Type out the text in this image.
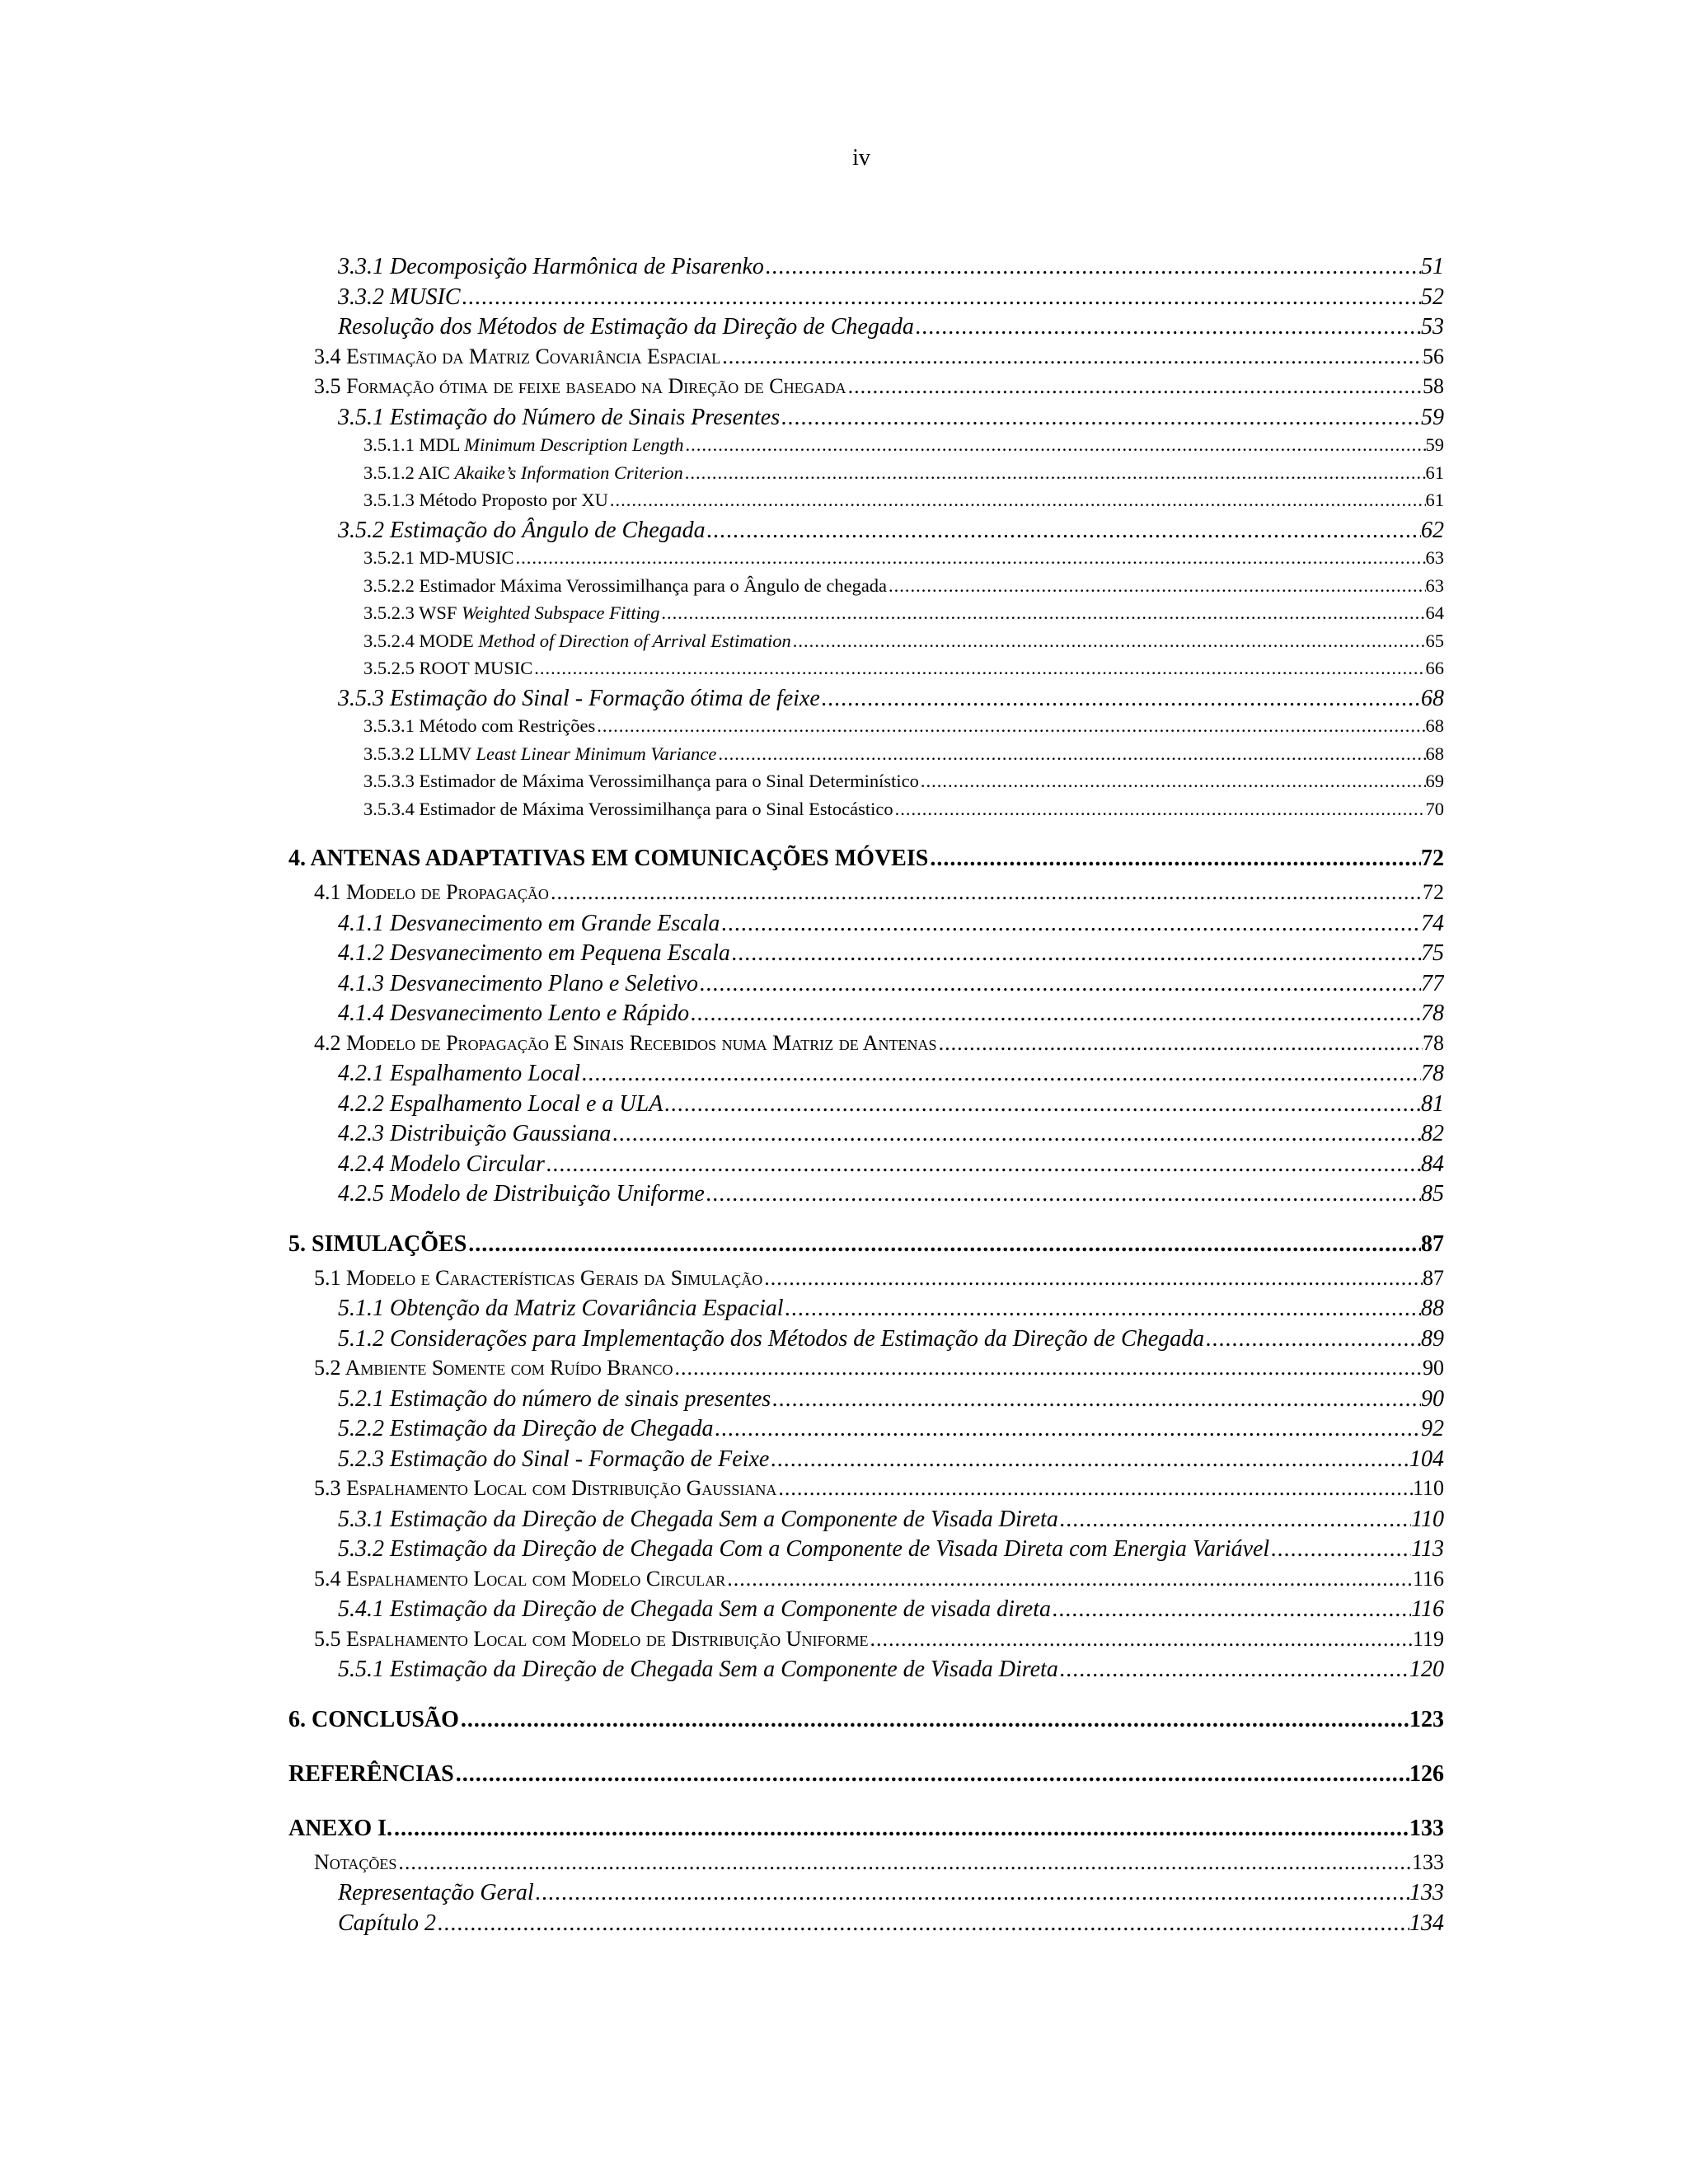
iv
3.3.1 Decomposição Harmônica de Pisarenko .....	51
3.3.2 MUSIC .....	52
Resolução dos Métodos de Estimação da Direção de Chegada .....	53
3.4 Estimação da Matriz Covariância Espacial .....	56
3.5 Formação ótima de feixe baseado na Direção de Chegada .....	58
3.5.1 Estimação do Número de Sinais Presentes .....	59
3.5.1.1 MDL Minimum Description Length .....	59
3.5.1.2 AIC Akaike’s Information Criterion .....	61
3.5.1.3 Método Proposto por XU .....	61
3.5.2 Estimação do Ângulo de Chegada .....	62
3.5.2.1 MD-MUSIC .....	63
3.5.2.2 Estimador Máxima Verossimilhança para o Ângulo de chegada .....	63
3.5.2.3 WSF Weighted Subspace Fitting .....	64
3.5.2.4 MODE Method of Direction of Arrival Estimation .....	65
3.5.2.5 ROOT MUSIC .....	66
3.5.3 Estimação do Sinal - Formação ótima de feixe .....	68
3.5.3.1 Método com Restrições .....	68
3.5.3.2 LLMV Least Linear Minimum Variance .....	68
3.5.3.3 Estimador de Máxima Verossimilhança para o Sinal Determinístico .....	69
3.5.3.4 Estimador de Máxima Verossimilhança para o Sinal Estocástico .....	70
4. ANTENAS ADAPTATIVAS EM COMUNICAÇÕES MÓVEIS .....	72
4.1 Modelo de Propagação .....	72
4.1.1 Desvanecimento em Grande Escala .....	74
4.1.2 Desvanecimento em Pequena Escala .....	75
4.1.3 Desvanecimento Plano e Seletivo .....	77
4.1.4 Desvanecimento Lento e Rápido .....	78
4.2 Modelo de Propagação E Sinais Recebidos numa Matriz de Antenas .....	78
4.2.1 Espalhamento Local .....	78
4.2.2 Espalhamento Local e a ULA .....	81
4.2.3 Distribuição Gaussiana .....	82
4.2.4 Modelo Circular .....	84
4.2.5 Modelo de Distribuição Uniforme .....	85
5. SIMULAÇÕES .....	87
5.1 Modelo e Características Gerais da Simulação .....	87
5.1.1 Obtenção da Matriz Covariância Espacial .....	88
5.1.2 Considerações para Implementação dos Métodos de Estimação da Direção de Chegada .....	89
5.2 Ambiente Somente com Ruído Branco .....	90
5.2.1 Estimação do número de sinais presentes .....	90
5.2.2 Estimação da Direção de Chegada .....	92
5.2.3 Estimação do Sinal - Formação de Feixe .....	104
5.3 Espalhamento Local com Distribuição Gaussiana .....	110
5.3.1 Estimação da Direção de Chegada Sem a Componente de Visada Direta .....	110
5.3.2 Estimação da Direção de Chegada Com a Componente de Visada Direta com Energia Variável .....	113
5.4 Espalhamento Local com Modelo Circular .....	116
5.4.1 Estimação da Direção de Chegada Sem a Componente de visada direta .....	116
5.5 Espalhamento Local com Modelo de Distribuição Uniforme .....	119
5.5.1 Estimação da Direção de Chegada Sem a Componente de Visada Direta .....	120
6. CONCLUSÃO .....	123
REFERÊNCIAS .....	126
ANEXO I. .....	133
Notações .....	133
Representação Geral .....	133
Capítulo 2 .....	134
